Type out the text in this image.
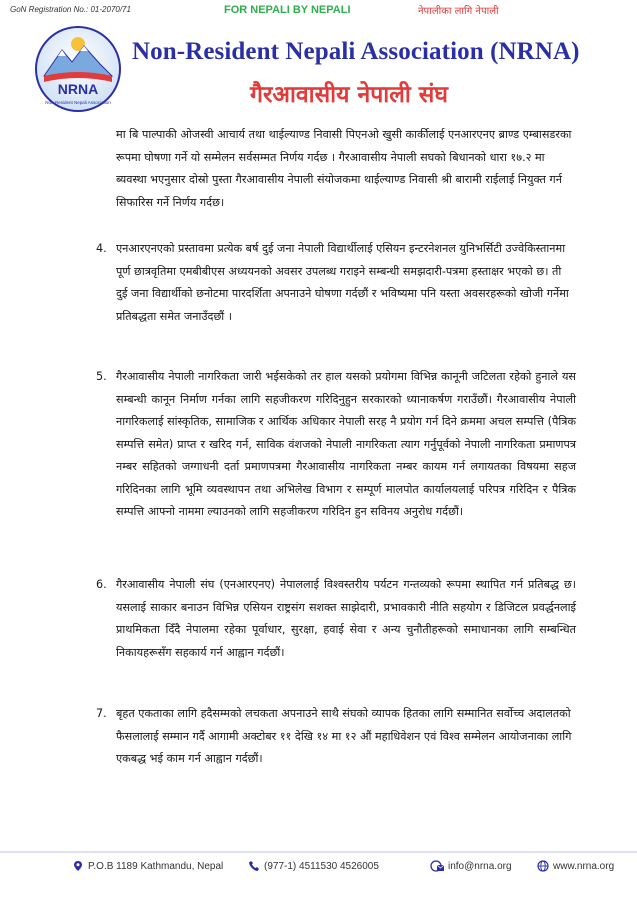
GoN Registration No.: 01-2070/71	FOR NEPALI BY NEPALI	नेपालीका लागि नेपाली
NRNA
Non-Resident Nepali Association
Non-Resident Nepali Association (NRNA)
गैरआवासीय नेपाली संघ
मा बि पाल्पाकी ओजस्वी आचार्य तथा थाईल्याण्ड निवासी पिएनओ खुसी कार्कीलाई एनआरएनए ब्राण्ड एम्बासडरका रूपमा घोषणा गर्ने यो सम्मेलन सर्वसम्मत निर्णय गर्दछ । गैरआवासीय नेपाली सघको बिधानको धारा १७.२ मा ब्यवस्था भएनुसार दोस्रो पुस्ता गैरआवासीय नेपाली संयोजकमा थाईल्याण्ड निवासी श्री बारामी राईलाई नियुक्त गर्न सिफारिस गर्ने निर्णय गर्दछ।
4. एनआरएनएको प्रस्तावमा प्रत्येक बर्ष दुई जना नेपाली विद्यार्थीलाई एसियन इन्टरनेशनल युनिभर्सिटी उज्वेकिस्तानमा पूर्ण छात्रवृतिमा एमबीबीएस अध्ययनको अवसर उपलब्ध गराइने सम्बन्धी समझदारी-पत्रमा हस्ताक्षर भएको छ। ती दुई जना विद्यार्थीको छनोटमा पारदर्शिता अपनाउने घोषणा गर्दछौं र भविष्यमा पनि यस्ता अवसरहरूको खोजी गर्नेमा प्रतिबद्धता समेत जनाउँदछौं ।
5. गैरआवासीय नेपाली नागरिकता जारी भईसकेको तर हाल यसको प्रयोगमा विभिन्न कानूनी जटिलता रहेको हुनाले यस सम्बन्धी कानून निर्माण गर्नका लागि सहजीकरण गरिदिनुहुन सरकारको ध्यानाकर्षण गराउँछौं। गैरआवासीय नेपाली नागरिकलाई सांस्कृतिक, सामाजिक र आर्थिक अधिकार नेपाली सरह नै प्रयोग गर्न दिने क्रममा अचल सम्पत्ति (पैत्रिक सम्पत्ति समेत) प्राप्त र खरिद गर्न, साविक वंशजको नेपाली नागरिकता त्याग गर्नुपूर्वको नेपाली नागरिकता प्रमाणपत्र नम्बर सहितको जग्गाधनी दर्ता प्रमाणपत्रमा गैरआवासीय नागरिकता नम्बर कायम गर्न लगायतका विषयमा सहज गरिदिनका लागि भूमि व्यवस्थापन तथा अभिलेख विभाग र सम्पूर्ण मालपोत कार्यालयलाई परिपत्र गरिदिन र पैत्रिक सम्पत्ति आफ्नो नाममा ल्याउनको लागि सहजीकरण गरिदिन हुन सविनय अनुरोध गर्दछौं।
6. गैरआवासीय नेपाली संघ (एनआरएनए) नेपाललाई विश्वस्तरीय पर्यटन गन्तव्यको रूपमा स्थापित गर्न प्रतिबद्ध छ। यसलाई साकार बनाउन विभिन्न एसियन राष्ट्रसंग सशक्त साझेदारी, प्रभावकारी नीति सहयोग र डिजिटल प्रवर्द्धनलाई प्राथमिकता दिँदै नेपालमा रहेका पूर्वाधार, सुरक्षा, हवाई सेवा र अन्य चुनौतीहरूको समाधानका लागि सम्बन्धित निकायहरूसँग सहकार्य गर्न आह्वान गर्दछौं।
7. बृहत एकताका लागि हदैसम्मको लचकता अपनाउने साथै संघको व्यापक हितका लागि सम्मानित सर्वोच्च अदालतको फैसलालाई सम्मान गर्दै आगामी अक्टोबर ११ देखि १४ मा १२ औं महाधिवेशन एवं विश्व सम्मेलन आयोजनाका लागि एकबद्ध भई काम गर्न आह्वान गर्दछौं।
P.O.B 1189 Kathmandu, Nepal	(977-1) 4511530 4526005	info@nrna.org	www.nrna.org
